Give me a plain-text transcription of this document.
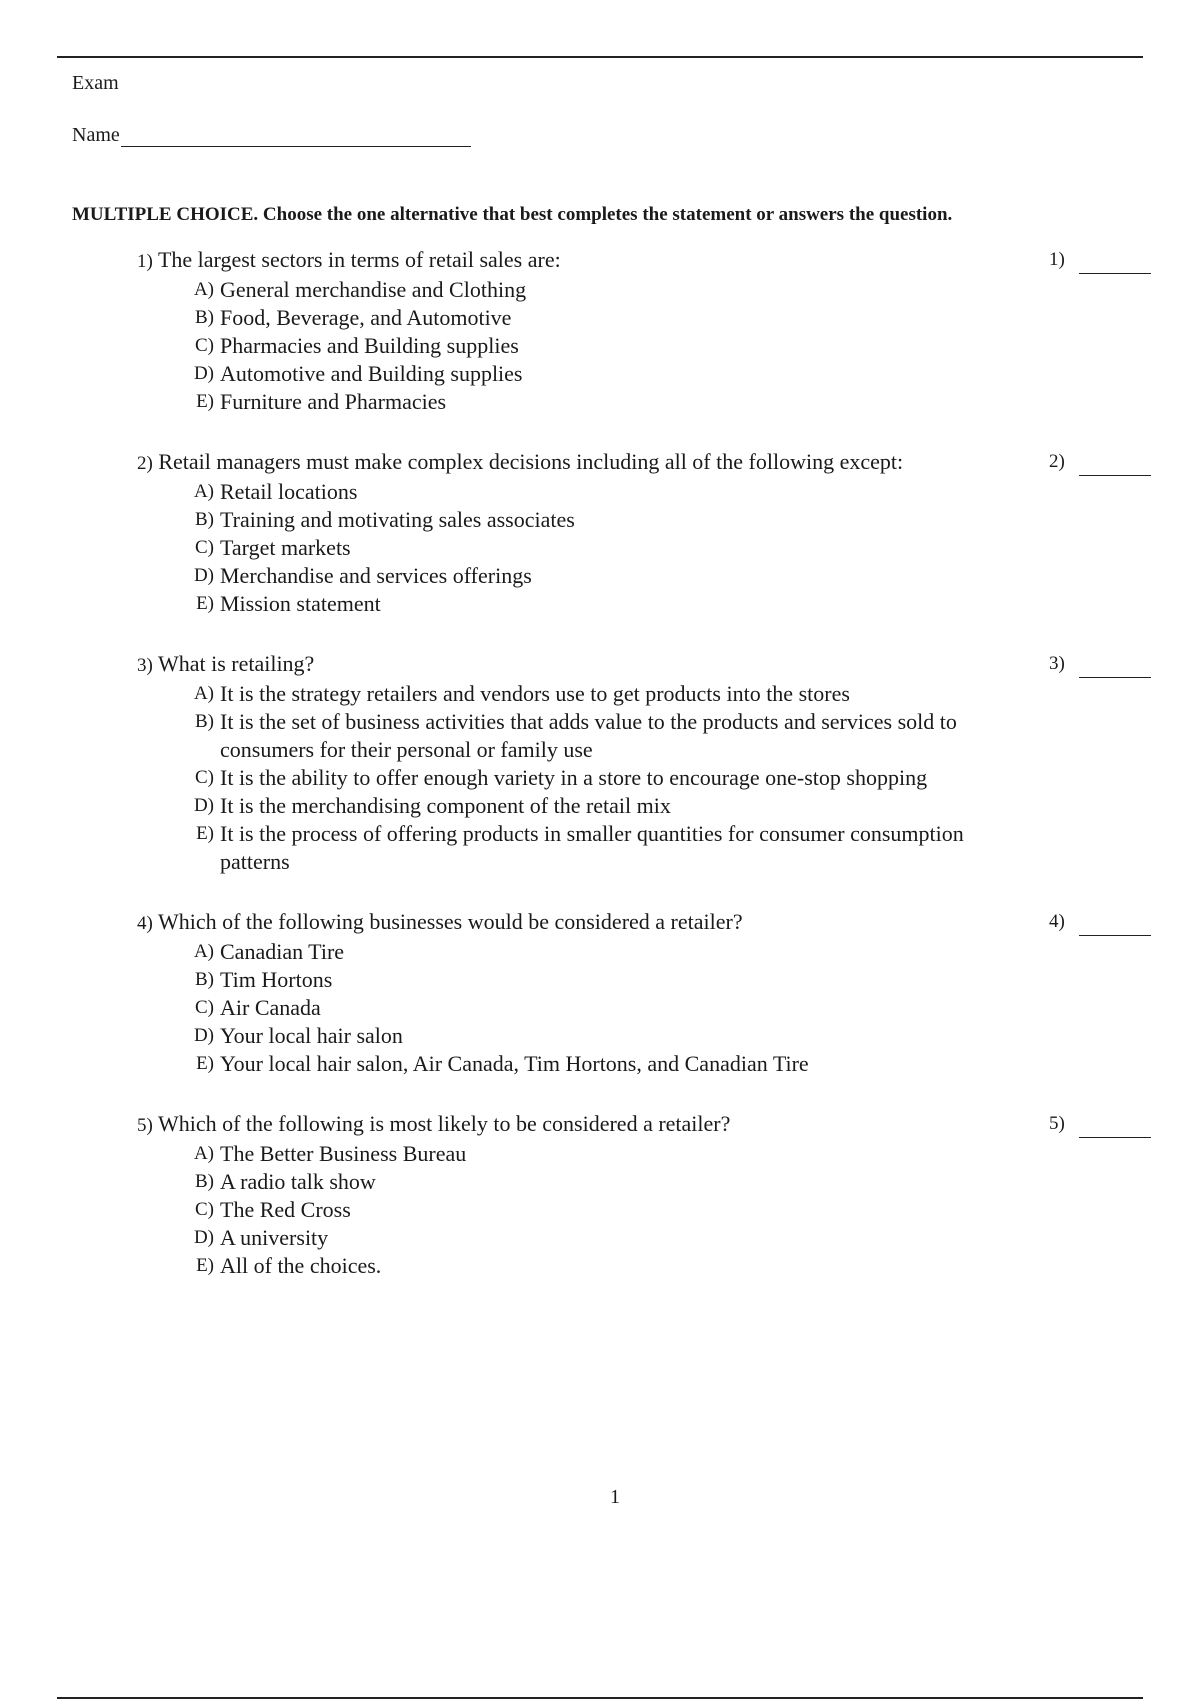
Exam
Name
MULTIPLE CHOICE. Choose the one alternative that best completes the statement or answers the question.
1) The largest sectors in terms of retail sales are:	1)
A) General merchandise and Clothing
B) Food, Beverage, and Automotive
C) Pharmacies and Building supplies
D) Automotive and Building supplies
E) Furniture and Pharmacies
2) Retail managers must make complex decisions including all of the following except:	2)
A) Retail locations
B) Training and motivating sales associates
C) Target markets
D) Merchandise and services offerings
E) Mission statement
3) What is retailing?	3)
A) It is the strategy retailers and vendors use to get products into the stores
B) It is the set of business activities that adds value to the products and services sold to consumers for their personal or family use
C) It is the ability to offer enough variety in a store to encourage one-stop shopping
D) It is the merchandising component of the retail mix
E) It is the process of offering products in smaller quantities for consumer consumption patterns
4) Which of the following businesses would be considered a retailer?	4)
A) Canadian Tire
B) Tim Hortons
C) Air Canada
D) Your local hair salon
E) Your local hair salon, Air Canada, Tim Hortons, and Canadian Tire
5) Which of the following is most likely to be considered a retailer?	5)
A) The Better Business Bureau
B) A radio talk show
C) The Red Cross
D) A university
E) All of the choices.
1
